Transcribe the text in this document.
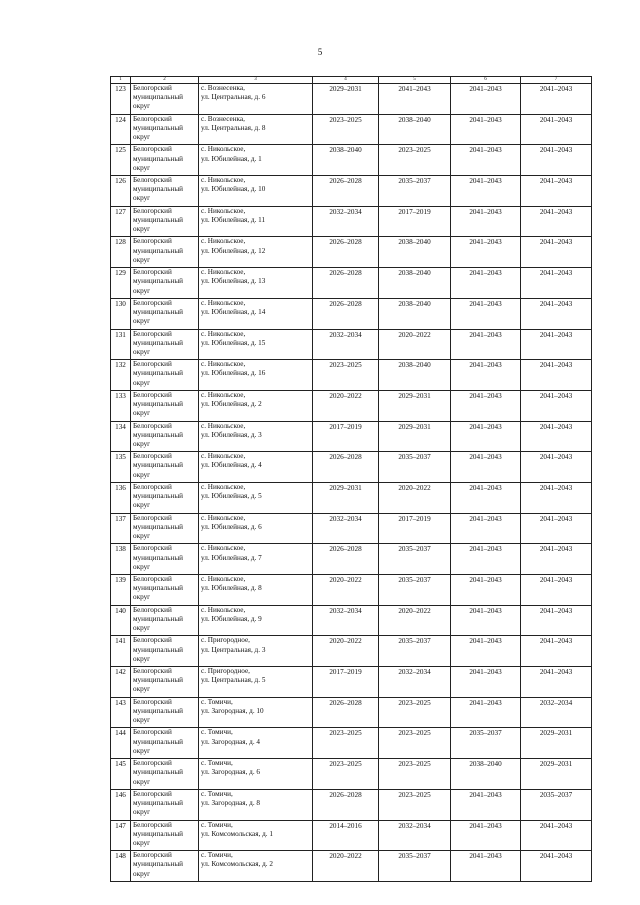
5
1	2	3	4	5	6	7
123	Белогорский
муниципальный
округ	с. Вознесенка,
ул. Центральная, д. 6	2029–2031	2041–2043	2041–2043	2041–2043
124	Белогорский
муниципальный
округ	с. Вознесенка,
ул. Центральная, д. 8	2023–2025	2038–2040	2041–2043	2041–2043
125	Белогорский
муниципальный
округ	с. Никольское,
ул. Юбилейная, д. 1	2038–2040	2023–2025	2041–2043	2041–2043
126	Белогорский
муниципальный
округ	с. Никольское,
ул. Юбилейная, д. 10	2026–2028	2035–2037	2041–2043	2041–2043
127	Белогорский
муниципальный
округ	с. Никольское,
ул. Юбилейная, д. 11	2032–2034	2017–2019	2041–2043	2041–2043
128	Белогорский
муниципальный
округ	с. Никольское,
ул. Юбилейная, д. 12	2026–2028	2038–2040	2041–2043	2041–2043
129	Белогорский
муниципальный
округ	с. Никольское,
ул. Юбилейная, д. 13	2026–2028	2038–2040	2041–2043	2041–2043
130	Белогорский
муниципальный
округ	с. Никольское,
ул. Юбилейная, д. 14	2026–2028	2038–2040	2041–2043	2041–2043
131	Белогорский
муниципальный
округ	с. Никольское,
ул. Юбилейная, д. 15	2032–2034	2020–2022	2041–2043	2041–2043
132	Белогорский
муниципальный
округ	с. Никольское,
ул. Юбилейная, д. 16	2023–2025	2038–2040	2041–2043	2041–2043
133	Белогорский
муниципальный
округ	с. Никольское,
ул. Юбилейная, д. 2	2020–2022	2029–2031	2041–2043	2041–2043
134	Белогорский
муниципальный
округ	с. Никольское,
ул. Юбилейная, д. 3	2017–2019	2029–2031	2041–2043	2041–2043
135	Белогорский
муниципальный
округ	с. Никольское,
ул. Юбилейная, д. 4	2026–2028	2035–2037	2041–2043	2041–2043
136	Белогорский
муниципальный
округ	с. Никольское,
ул. Юбилейная, д. 5	2029–2031	2020–2022	2041–2043	2041–2043
137	Белогорский
муниципальный
округ	с. Никольское,
ул. Юбилейная, д. 6	2032–2034	2017–2019	2041–2043	2041–2043
138	Белогорский
муниципальный
округ	с. Никольское,
ул. Юбилейная, д. 7	2026–2028	2035–2037	2041–2043	2041–2043
139	Белогорский
муниципальный
округ	с. Никольское,
ул. Юбилейная, д. 8	2020–2022	2035–2037	2041–2043	2041–2043
140	Белогорский
муниципальный
округ	с. Никольское,
ул. Юбилейная, д. 9	2032–2034	2020–2022	2041–2043	2041–2043
141	Белогорский
муниципальный
округ	с. Пригородное,
ул. Центральная, д. 3	2020–2022	2035–2037	2041–2043	2041–2043
142	Белогорский
муниципальный
округ	с. Пригородное,
ул. Центральная, д. 5	2017–2019	2032–2034	2041–2043	2041–2043
143	Белогорский
муниципальный
округ	с. Томичи,
ул. Загородная, д. 10	2026–2028	2023–2025	2041–2043	2032–2034
144	Белогорский
муниципальный
округ	с. Томичи,
ул. Загородная, д. 4	2023–2025	2023–2025	2035–2037	2029–2031
145	Белогорский
муниципальный
округ	с. Томичи,
ул. Загородная, д. 6	2023–2025	2023–2025	2038–2040	2029–2031
146	Белогорский
муниципальный
округ	с. Томичи,
ул. Загородная, д. 8	2026–2028	2023–2025	2041–2043	2035–2037
147	Белогорский
муниципальный
округ	с. Томичи,
ул. Комсомольская, д. 1	2014–2016	2032–2034	2041–2043	2041–2043
148	Белогорский
муниципальный
округ	с. Томичи,
ул. Комсомольская, д. 2	2020–2022	2035–2037	2041–2043	2041–2043
